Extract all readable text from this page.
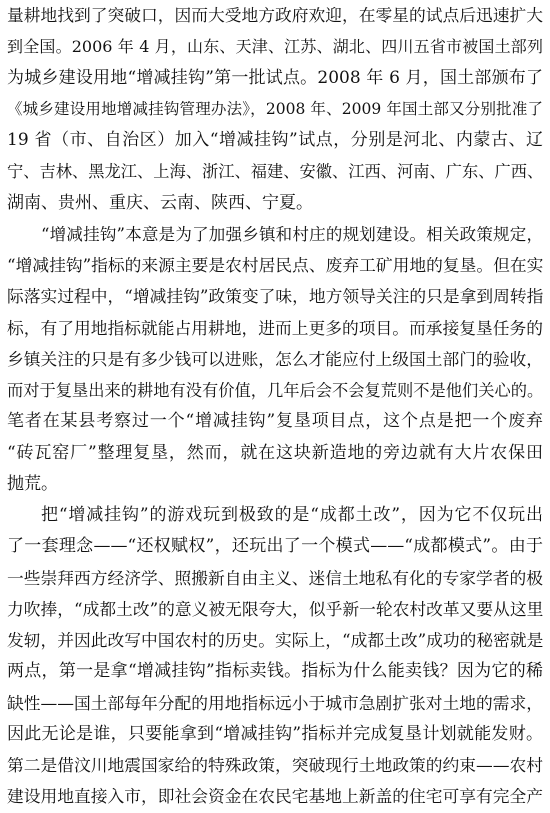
量耕地找到了突破口，因而大受地方政府欢迎，在零星的试点后迅速扩大
到全国。2006 年 4 月，山东、天津、江苏、湖北、四川五省市被国土部列
为城乡建设用地“增减挂钩”第一批试点。2008 年 6 月，国土部颁布了
《城乡建设用地增减挂钩管理办法》，2008 年、2009 年国土部又分别批准了
19 省（市、自治区）加入“增减挂钩”试点，分别是河北、内蒙古、辽
宁、吉林、黑龙江、上海、浙江、福建、安徽、江西、河南、广东、广西、
湖南、贵州、重庆、云南、陕西、宁夏。
“增减挂钩”本意是为了加强乡镇和村庄的规划建设。相关政策规定，
“增减挂钩”指标的来源主要是农村居民点、废弃工矿用地的复垦。但在实
际落实过程中，“增减挂钩”政策变了味，地方领导关注的只是拿到周转指
标，有了用地指标就能占用耕地，进而上更多的项目。而承接复垦任务的
乡镇关注的只是有多少钱可以进账，怎么才能应付上级国土部门的验收，
而对于复垦出来的耕地有没有价值，几年后会不会复荒则不是他们关心的。
笔者在某县考察过一个“增减挂钩”复垦项目点，这个点是把一个废弃
“砖瓦窑厂”整理复垦，然而，就在这块新造地的旁边就有大片农保田
抛荒。
把“增减挂钩”的游戏玩到极致的是“成都土改”，因为它不仅玩出
了一套理念——“还权赋权”，还玩出了一个模式——“成都模式”。由于
一些崇拜西方经济学、照搬新自由主义、迷信土地私有化的专家学者的极
力吹捧，“成都土改”的意义被无限夸大，似乎新一轮农村改革又要从这里
发轫，并因此改写中国农村的历史。实际上，“成都土改”成功的秘密就是
两点，第一是拿“增减挂钩”指标卖钱。指标为什么能卖钱？因为它的稀
缺性——国土部每年分配的用地指标远小于城市急剧扩张对土地的需求，
因此无论是谁，只要能拿到“增减挂钩”指标并完成复垦计划就能发财。
第二是借汶川地震国家给的特殊政策，突破现行土地政策的约束——农村
建设用地直接入市，即社会资金在农民宅基地上新盖的住宅可享有完全产
